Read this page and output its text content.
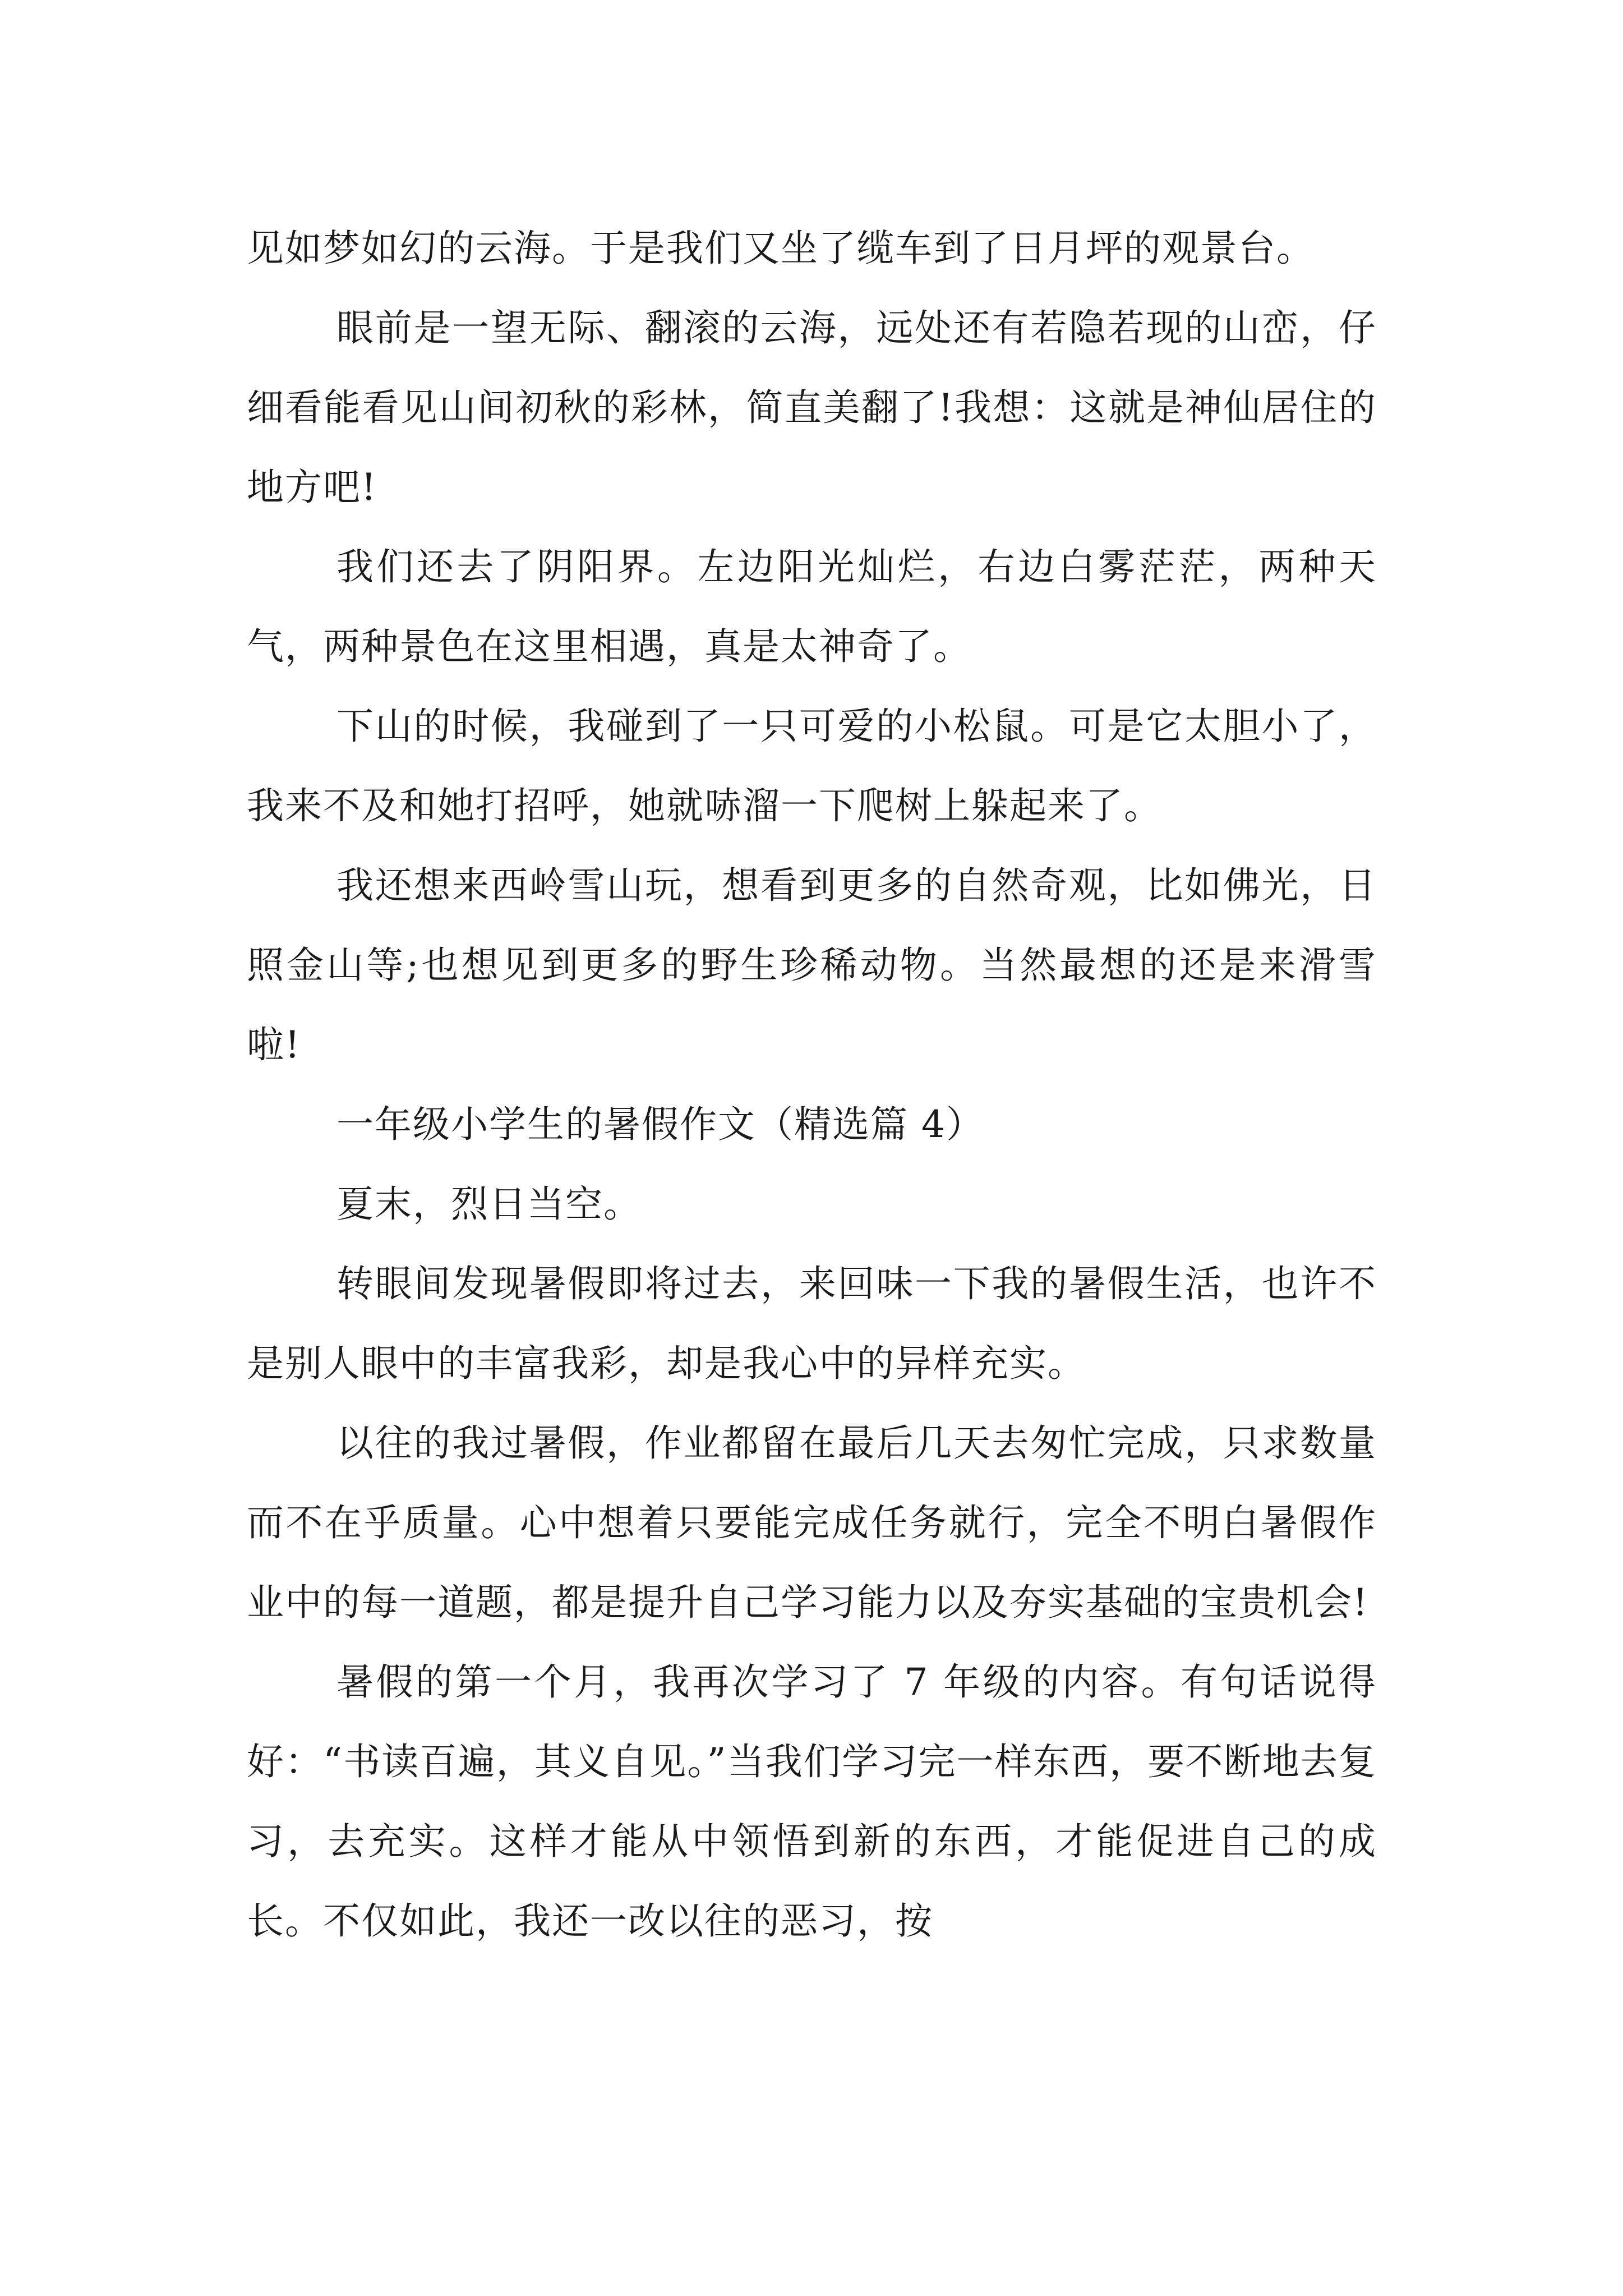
见如梦如幻的云海。于是我们又坐了缆车到了日月坪的观景台。

眼前是一望无际、翻滚的云海，远处还有若隐若现的山峦，仔细看能看见山间初秋的彩林，简直美翻了!我想：这就是神仙居住的地方吧!

我们还去了阴阳界。左边阳光灿烂，右边白雾茫茫，两种天气，两种景色在这里相遇，真是太神奇了。

下山的时候，我碰到了一只可爱的小松鼠。可是它太胆小了，我来不及和她打招呼，她就哧溜一下爬树上躲起来了。

我还想来西岭雪山玩，想看到更多的自然奇观，比如佛光，日照金山等;也想见到更多的野生珍稀动物。当然最想的还是来滑雪啦!

一年级小学生的暑假作文（精选篇 4）

夏末，烈日当空。

转眼间发现暑假即将过去，来回味一下我的暑假生活，也许不是别人眼中的丰富我彩，却是我心中的异样充实。

以往的我过暑假，作业都留在最后几天去匆忙完成，只求数量而不在乎质量。心中想着只要能完成任务就行，完全不明白暑假作业中的每一道题，都是提升自己学习能力以及夯实基础的宝贵机会!

暑假的第一个月，我再次学习了 7 年级的内容。有句话说得好：“书读百遍，其义自见。”当我们学习完一样东西，要不断地去复习，去充实。这样才能从中领悟到新的东西，才能促进自己的成长。不仅如此，我还一改以往的恶习，按
